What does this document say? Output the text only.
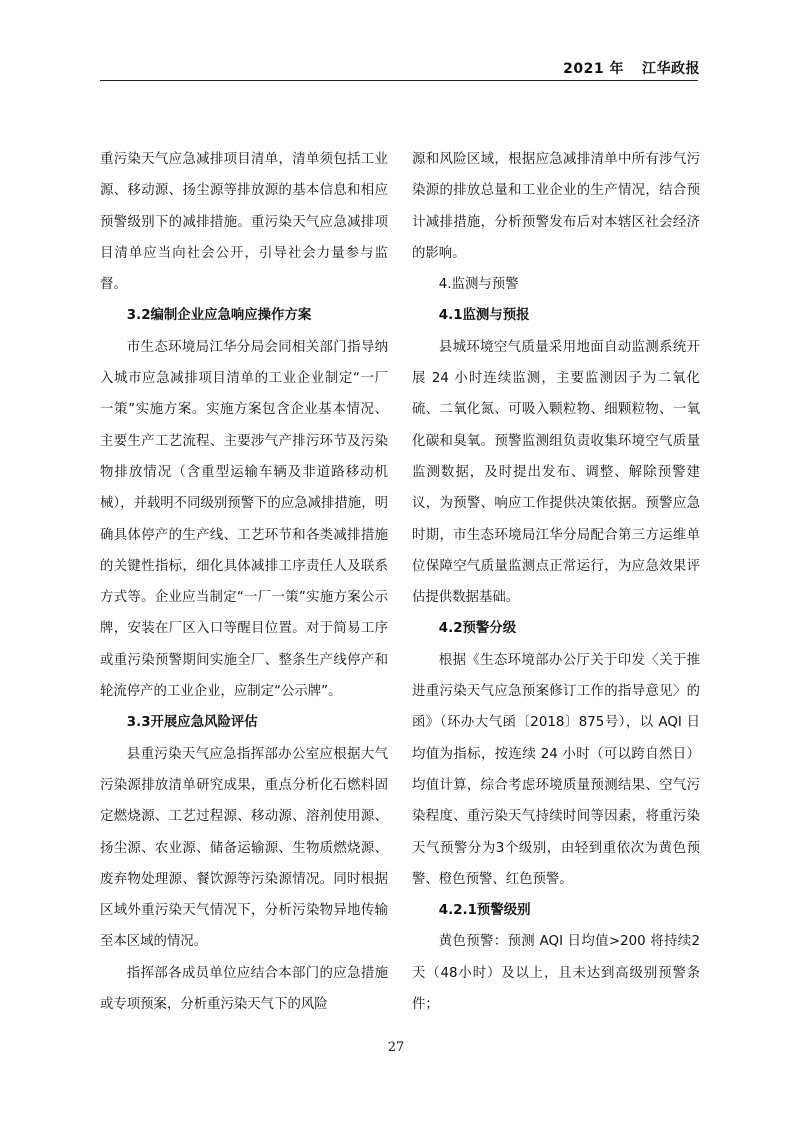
2021 年 江华政报

重污染天气应急减排项目清单，清单须包括工业源、移动源、扬尘源等排放源的基本信息和相应预警级别下的减排措施。重污染天气应急减排项目清单应当向社会公开，引导社会力量参与监督。

3.2编制企业应急响应操作方案

市生态环境局江华分局会同相关部门指导纳入城市应急减排项目清单的工业企业制定“一厂一策”实施方案。实施方案包含企业基本情况、主要生产工艺流程、主要涉气产排污环节及污染物排放情况（含重型运输车辆及非道路移动机械），并载明不同级别预警下的应急减排措施，明确具体停产的生产线、工艺环节和各类减排措施的关键性指标，细化具体减排工序责任人及联系方式等。企业应当制定“一厂一策”实施方案公示牌，安装在厂区入口等醒目位置。对于简易工序或重污染预警期间实施全厂、整条生产线停产和轮流停产的工业企业，应制定“公示牌”。

3.3开展应急风险评估

县重污染天气应急指挥部办公室应根据大气污染源排放清单研究成果，重点分析化石燃料固定燃烧源、工艺过程源、移动源、溶剂使用源、扬尘源、农业源、储备运输源、生物质燃烧源、废弃物处理源、餐饮源等污染源情况。同时根据区域外重污染天气情况下，分析污染物异地传输至本区域的情况。

指挥部各成员单位应结合本部门的应急措施或专项预案，分析重污染天气下的风险

源和风险区域，根据应急减排清单中所有涉气污染源的排放总量和工业企业的生产情况，结合预计减排措施，分析预警发布后对本辖区社会经济的影响。

4.监测与预警
4.1监测与预报

县城环境空气质量采用地面自动监测系统开展 24 小时连续监测，主要监测因子为二氧化硫、二氧化氮、可吸入颗粒物、细颗粒物、一氧化碳和臭氧。预警监测组负责收集环境空气质量监测数据，及时提出发布、调整、解除预警建议，为预警、响应工作提供决策依据。预警应急时期，市生态环境局江华分局配合第三方运维单位保障空气质量监测点正常运行，为应急效果评估提供数据基础。

4.2预警分级

根据《生态环境部办公厅关于印发〈关于推进重污染天气应急预案修订工作的指导意见〉的函》（环办大气函〔2018〕875号），以 AQI 日均值为指标，按连续 24 小时（可以跨自然日）均值计算，综合考虑环境质量预测结果、空气污染程度、重污染天气持续时间等因素，将重污染天气预警分为3个级别，由轻到重依次为黄色预警、橙色预警、红色预警。

4.2.1预警级别

黄色预警：预测 AQI 日均值>200 将持续2天（48小时）及以上，且未达到高级别预警条件；

27
